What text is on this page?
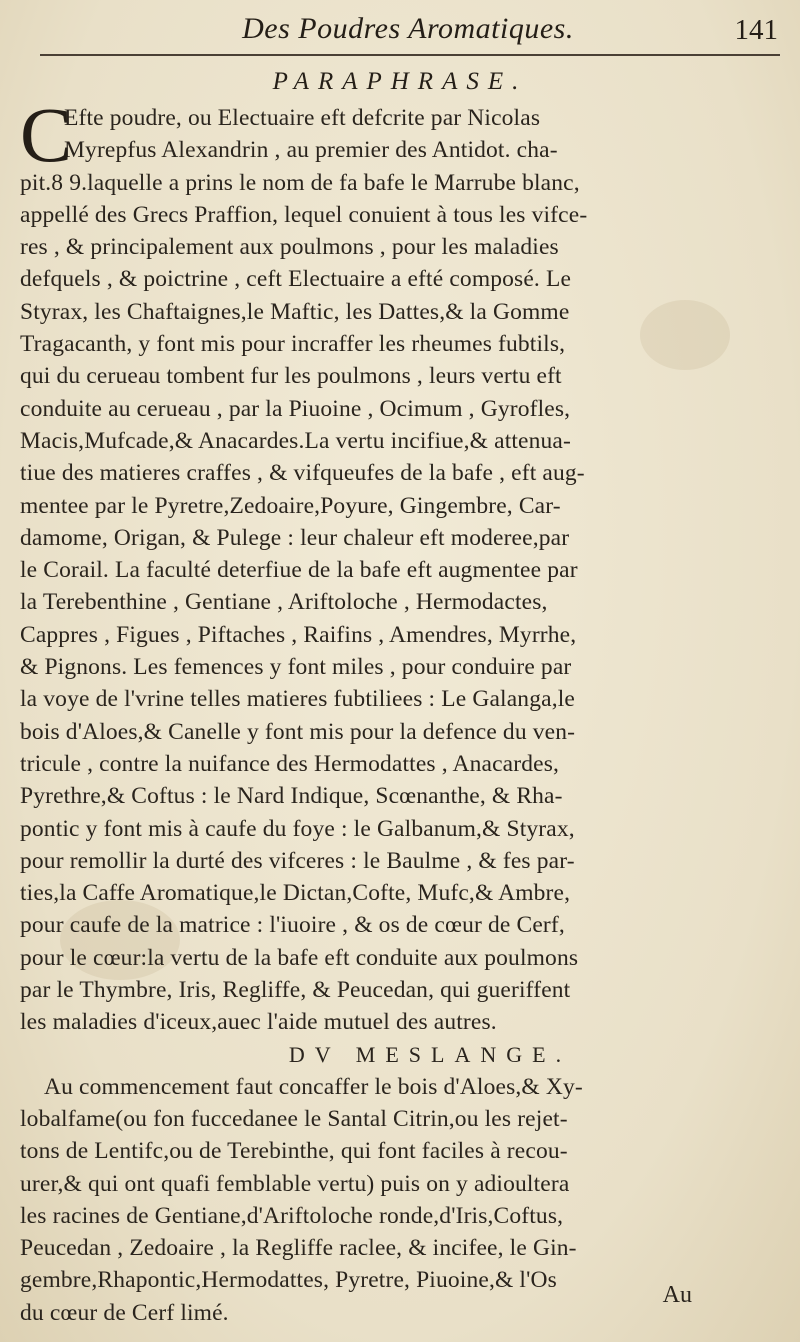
Des Poudres Aromatiques.	141
PARAPHRASE.
C
Efte poudre, ou Electuaire eft defcrite par Nicolas
Myrepfus Alexandrin , au premier des Antidot. cha-
pit.8 9.laquelle a prins le nom de fa bafe le Marrube blanc,
appellé des Grecs Praffion, lequel conuient à tous les vifce-
res , & principalement aux poulmons , pour les maladies
defquels , & poictrine , ceft Electuaire a efté composé. Le
Styrax, les Chaftaignes,le Maftic, les Dattes,& la Gomme
Tragacanth, y font mis pour incraffer les rheumes fubtils,
qui du cerueau tombent fur les poulmons , leurs vertu eft
conduite au cerueau , par la Piuoine , Ocimum , Gyrofles,
Macis,Mufcade,& Anacardes.La vertu incifiue,& attenua-
tiue des matieres craffes , & vifqueufes de la bafe , eft aug-
mentee par le Pyretre,Zedoaire,Poyure, Gingembre, Car-
damome, Origan, & Pulege : leur chaleur eft moderee,par
le Corail. La faculté deterfiue de la bafe eft augmentee par
la Terebenthine , Gentiane , Ariftoloche , Hermodactes,
Cappres , Figues , Piftaches , Raifins , Amendres, Myrrhe,
& Pignons. Les femences y font miles , pour conduire par
la voye de l'vrine telles matieres fubtiliees : Le Galanga,le
bois d'Aloes,& Canelle y font mis pour la defence du ven-
tricule , contre la nuifance des Hermodattes , Anacardes,
Pyrethre,& Coftus : le Nard Indique, Scœnanthe, & Rha-
pontic y font mis à caufe du foye : le Galbanum,& Styrax,
pour remollir la durté des vifceres : le Baulme , & fes par-
ties,la Caffe Aromatique,le Dictan,Cofte, Mufc,& Ambre,
pour caufe de la matrice : l'iuoire , & os de cœur de Cerf,
pour le cœur:la vertu de la bafe eft conduite aux poulmons
par le Thymbre, Iris, Regliffe, & Peucedan, qui gueriffent
les maladies d'iceux,auec l'aide mutuel des autres.
DV MESLANGE.
Au commencement faut concaffer le bois d'Aloes,& Xy-
lobalfame(ou fon fuccedanee le Santal Citrin,ou les rejet-
tons de Lentifc,ou de Terebinthe, qui font faciles à recou-
urer,& qui ont quafi femblable vertu) puis on y adioultera
les racines de Gentiane,d'Ariftoloche ronde,d'Iris,Coftus,
Peucedan , Zedoaire , la Regliffe raclee, & incifee, le Gin-
gembre,Rhapontic,Hermodattes, Pyretre, Piuoine,& l'Os
du cœur de Cerf limé.
Au
